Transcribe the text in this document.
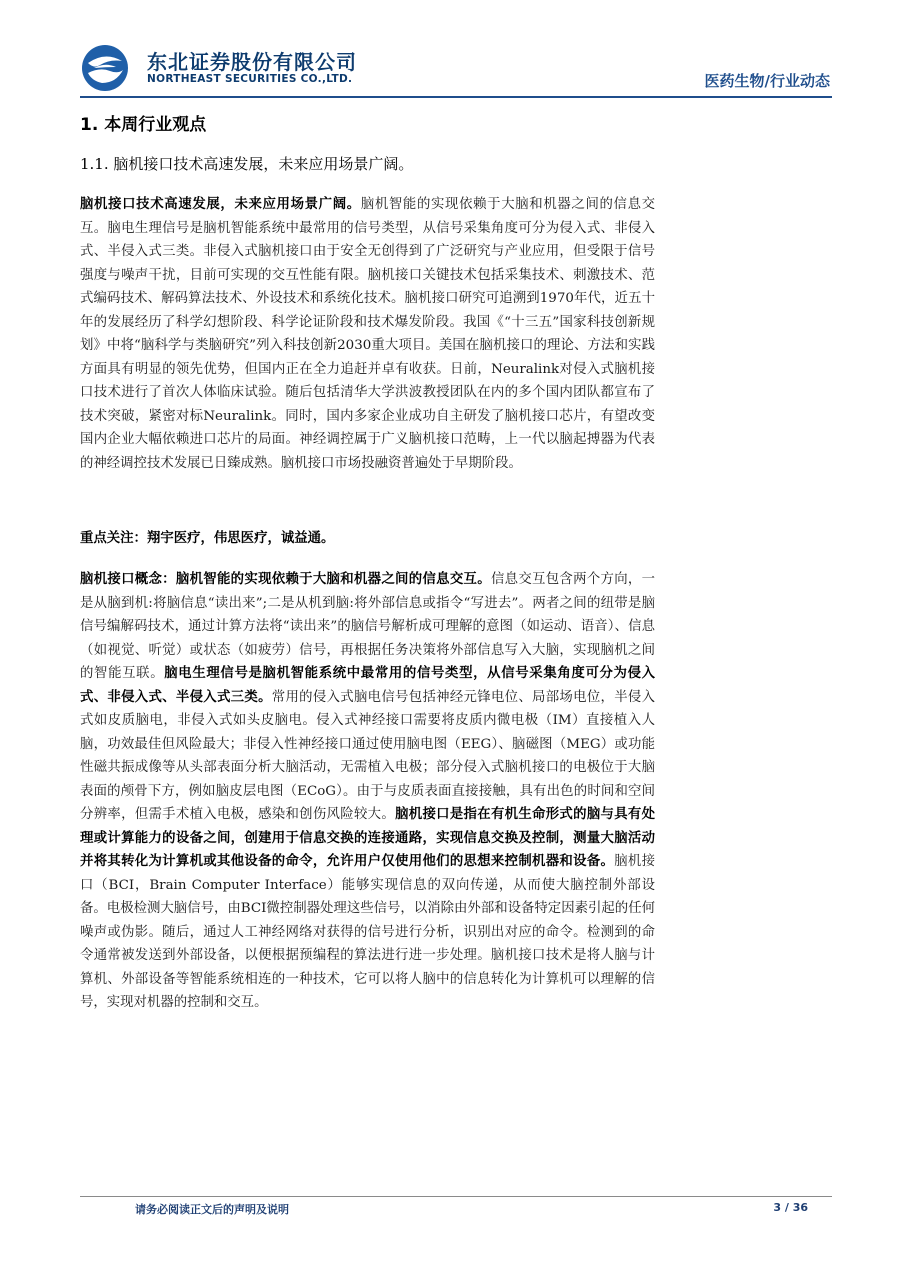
东北证券股份有限公司
NORTHEAST SECURITIES CO.,LTD.	医药生物/行业动态
1. 本周行业观点
1.1. 脑机接口技术高速发展，未来应用场景广阔。

脑机接口技术高速发展，未来应用场景广阔。脑机智能的实现依赖于大脑和机器之间的信息交互。脑电生理信号是脑机智能系统中最常用的信号类型，从信号采集角度可分为侵入式、非侵入式、半侵入式三类。非侵入式脑机接口由于安全无创得到了广泛研究与产业应用，但受限于信号强度与噪声干扰，目前可实现的交互性能有限。脑机接口关键技术包括采集技术、刺激技术、范式编码技术、解码算法技术、外设技术和系统化技术。脑机接口研究可追溯到1970年代，近五十年的发展经历了科学幻想阶段、科学论证阶段和技术爆发阶段。我国《“十三五”国家科技创新规划》中将“脑科学与类脑研究”列入科技创新2030重大项目。美国在脑机接口的理论、方法和实践方面具有明显的领先优势，但国内正在全力追赶并卓有收获。日前，Neuralink对侵入式脑机接口技术进行了首次人体临床试验。随后包括清华大学洪波教授团队在内的多个国内团队都宣布了技术突破，紧密对标Neuralink。同时，国内多家企业成功自主研发了脑机接口芯片，有望改变国内企业大幅依赖进口芯片的局面。神经调控属于广义脑机接口范畴，上一代以脑起搏器为代表的神经调控技术发展已日臻成熟。脑机接口市场投融资普遍处于早期阶段。

重点关注：翔宇医疗，伟思医疗，诚益通。

脑机接口概念：脑机智能的实现依赖于大脑和机器之间的信息交互。信息交互包含两个方向，一是从脑到机:将脑信息“读出来”;二是从机到脑:将外部信息或指令“写进去”。两者之间的纽带是脑信号编解码技术，通过计算方法将“读出来”的脑信号解析成可理解的意图（如运动、语音）、信息（如视觉、听觉）或状态（如疲劳）信号，再根据任务决策将外部信息写入大脑，实现脑机之间的智能互联。脑电生理信号是脑机智能系统中最常用的信号类型，从信号采集角度可分为侵入式、非侵入式、半侵入式三类。常用的侵入式脑电信号包括神经元锋电位、局部场电位，半侵入式如皮质脑电，非侵入式如头皮脑电。侵入式神经接口需要将皮质内微电极（IM）直接植入人脑，功效最佳但风险最大；非侵入性神经接口通过使用脑电图（EEG）、脑磁图（MEG）或功能性磁共振成像等从头部表面分析大脑活动，无需植入电极；部分侵入式脑机接口的电极位于大脑表面的颅骨下方，例如脑皮层电图（ECoG）。由于与皮质表面直接接触，具有出色的时间和空间分辨率，但需手术植入电极，感染和创伤风险较大。脑机接口是指在有机生命形式的脑与具有处理或计算能力的设备之间，创建用于信息交换的连接通路，实现信息交换及控制，测量大脑活动并将其转化为计算机或其他设备的命令，允许用户仅使用他们的思想来控制机器和设备。脑机接口（BCI，Brain Computer Interface）能够实现信息的双向传递，从而使大脑控制外部设备。电极检测大脑信号，由BCI微控制器处理这些信号，以消除由外部和设备特定因素引起的任何噪声或伪影。随后，通过人工神经网络对获得的信号进行分析，识别出对应的命令。检测到的命令通常被发送到外部设备，以便根据预编程的算法进行进一步处理。脑机接口技术是将人脑与计算机、外部设备等智能系统相连的一种技术，它可以将人脑中的信息转化为计算机可以理解的信号，实现对机器的控制和交互。

请务必阅读正文后的声明及说明	3 / 36
